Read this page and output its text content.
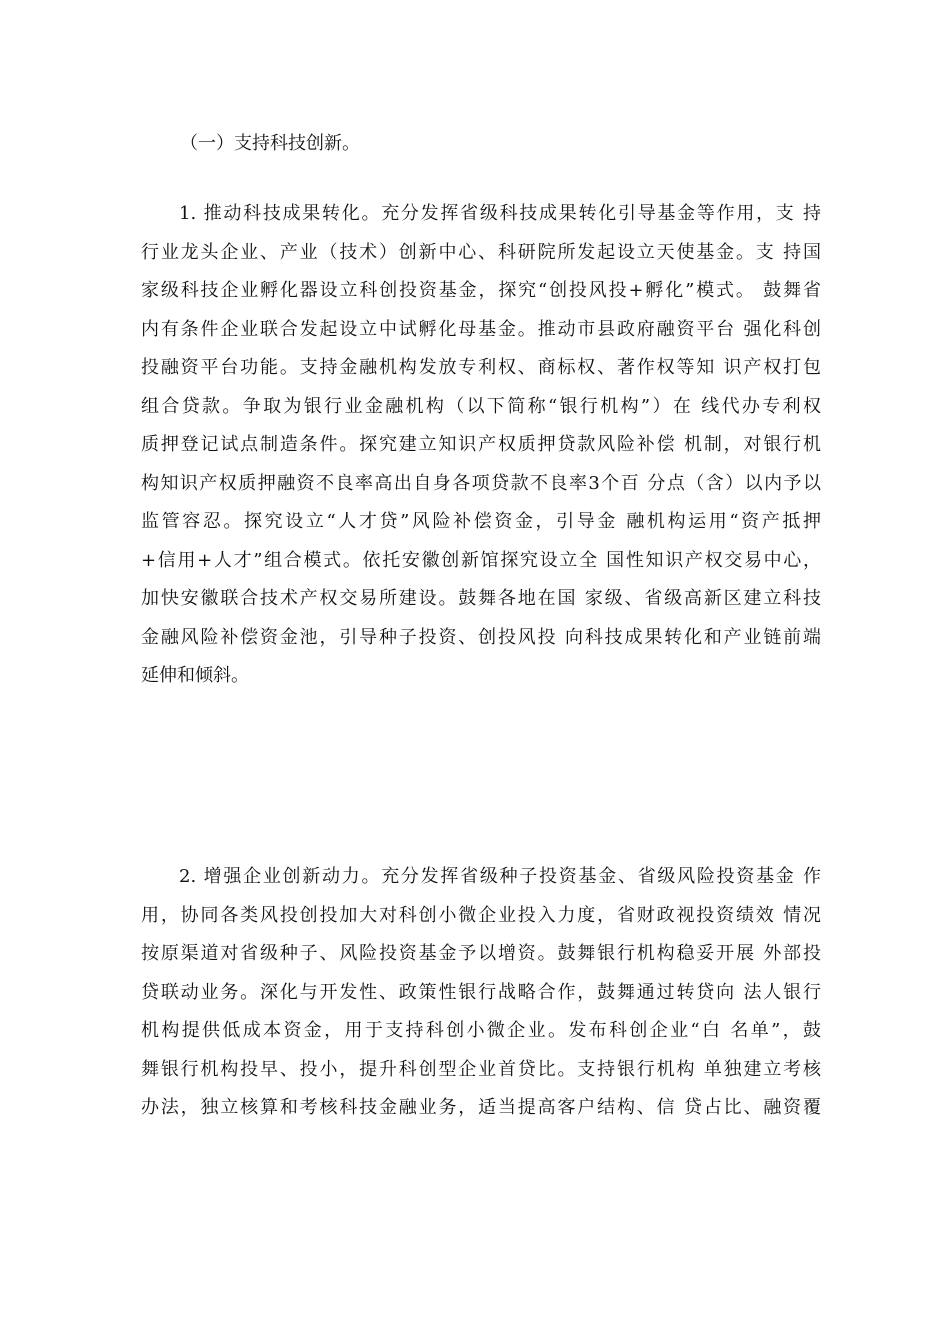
（一）支持科技创新。
1. 推动科技成果转化。充分发挥省级科技成果转化引导基金等作用，支 持
行业龙头企业、产业（技术）创新中心、科研院所发起设立天使基金。支 持国
家级科技企业孵化器设立科创投资基金，探究“创投风投+孵化”模式。 鼓舞省
内有条件企业联合发起设立中试孵化母基金。推动市县政府融资平台 强化科创
投融资平台功能。支持金融机构发放专利权、商标权、著作权等知 识产权打包
组合贷款。争取为银行业金融机构（以下简称“银行机构”）在 线代办专利权
质押登记试点制造条件。探究建立知识产权质押贷款风险补偿 机制，对银行机
构知识产权质押融资不良率高出自身各项贷款不良率3个百 分点（含）以内予以
监管容忍。探究设立“人才贷”风险补偿资金，引导金 融机构运用“资产抵押
+信用+人才”组合模式。依托安徽创新馆探究设立全 国性知识产权交易中心，
加快安徽联合技术产权交易所建设。鼓舞各地在国 家级、省级高新区建立科技
金融风险补偿资金池，引导种子投资、创投风投 向科技成果转化和产业链前端
延伸和倾斜。
2. 增强企业创新动力。充分发挥省级种子投资基金、省级风险投资基金 作
用，协同各类风投创投加大对科创小微企业投入力度，省财政视投资绩效 情况
按原渠道对省级种子、风险投资基金予以增资。鼓舞银行机构稳妥开展 外部投
贷联动业务。深化与开发性、政策性银行战略合作，鼓舞通过转贷向 法人银行
机构提供低成本资金，用于支持科创小微企业。发布科创企业“白 名单”，鼓
舞银行机构投早、投小，提升科创型企业首贷比。支持银行机构 单独建立考核
办法，独立核算和考核科技金融业务，适当提高客户结构、信 贷占比、融资覆
